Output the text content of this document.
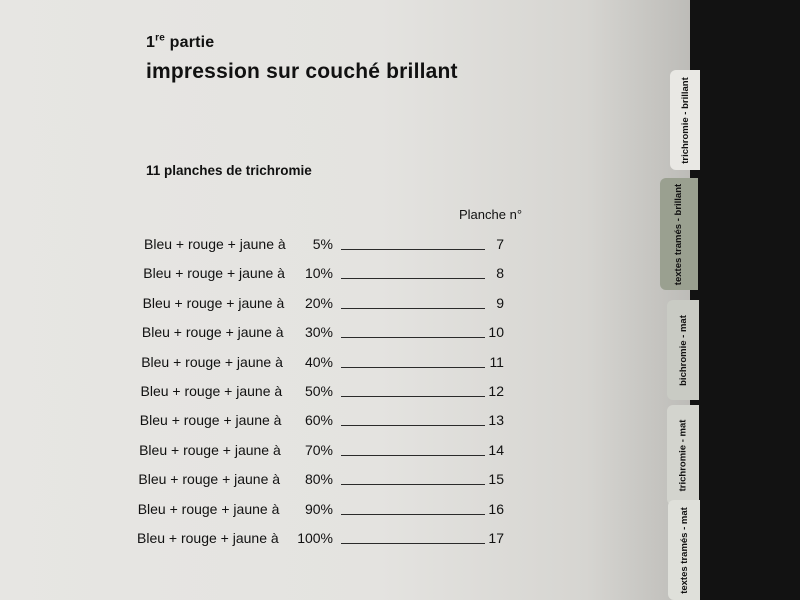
1re partie
impression sur couché brillant
11 planches de trichromie
Planche n°
Bleu + rouge + jaune à	5%	7
Bleu + rouge + jaune à	10%	8
Bleu + rouge + jaune à	20%	9
Bleu + rouge + jaune à	30%	10
Bleu + rouge + jaune à	40%	11
Bleu + rouge + jaune à	50%	12
Bleu + rouge + jaune à	60%	13
Bleu + rouge + jaune à	70%	14
Bleu + rouge + jaune à	80%	15
Bleu + rouge + jaune à	90%	16
Bleu + rouge + jaune à 100%	17
trichromie - brillant
textes tramés - brillant
bichromie - mat
trichromie - mat
textes tramés - mat
